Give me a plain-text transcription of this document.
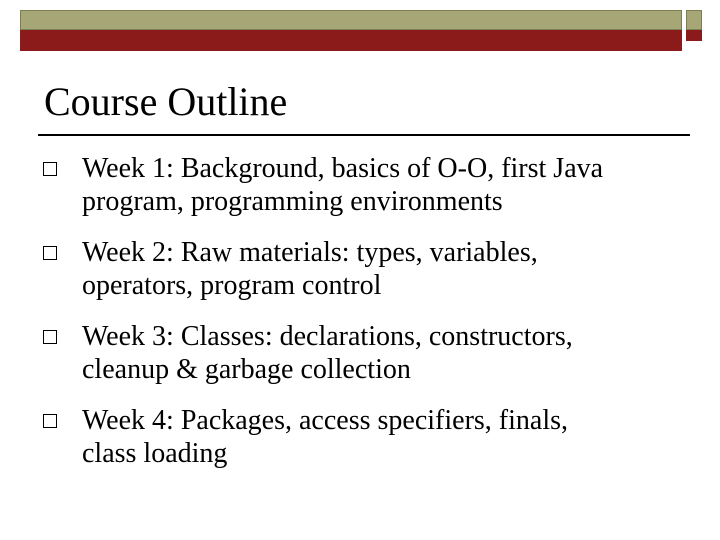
Course Outline
Week 1: Background, basics of O-O, first Java
program, programming environments
Week 2: Raw materials: types, variables,
operators, program control
Week 3: Classes: declarations, constructors,
cleanup & garbage collection
Week 4: Packages, access specifiers, finals,
class loading
